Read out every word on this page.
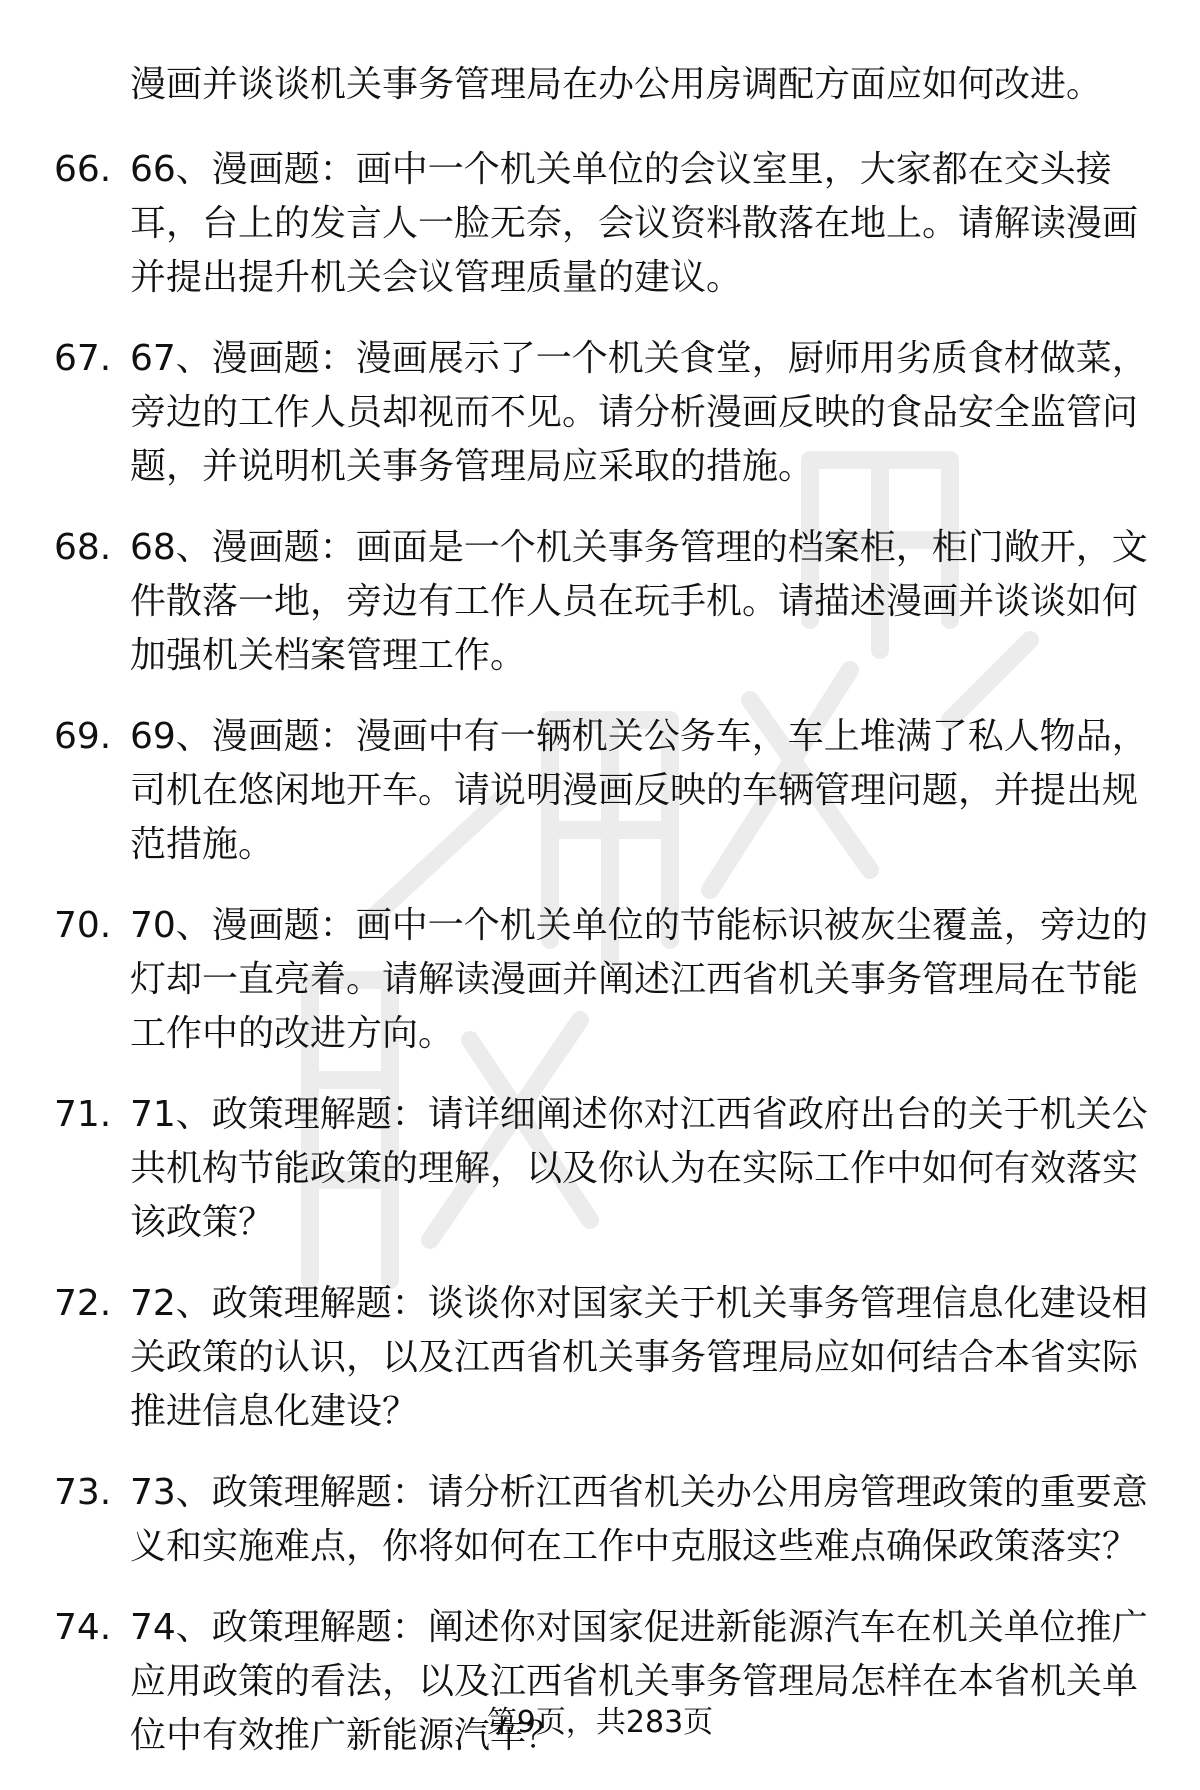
漫画并谈谈机关事务管理局在办公用房调配方面应如何改进。

66. 66、漫画题：画中一个机关单位的会议室里，大家都在交头接耳，台上的发言人一脸无奈，会议资料散落在地上。请解读漫画并提出提升机关会议管理质量的建议。
67. 67、漫画题：漫画展示了一个机关食堂，厨师用劣质食材做菜，旁边的工作人员却视而不见。请分析漫画反映的食品安全监管问题，并说明机关事务管理局应采取的措施。
68. 68、漫画题：画面是一个机关事务管理的档案柜，柜门敞开，文件散落一地，旁边有工作人员在玩手机。请描述漫画并谈谈如何加强机关档案管理工作。
69. 69、漫画题：漫画中有一辆机关公务车，车上堆满了私人物品，司机在悠闲地开车。请说明漫画反映的车辆管理问题，并提出规范措施。
70. 70、漫画题：画中一个机关单位的节能标识被灰尘覆盖，旁边的灯却一直亮着。请解读漫画并阐述江西省机关事务管理局在节能工作中的改进方向。
71. 71、政策理解题：请详细阐述你对江西省政府出台的关于机关公共机构节能政策的理解，以及你认为在实际工作中如何有效落实该政策？
72. 72、政策理解题：谈谈你对国家关于机关事务管理信息化建设相关政策的认识，以及江西省机关事务管理局应如何结合本省实际推进信息化建设？
73. 73、政策理解题：请分析江西省机关办公用房管理政策的重要意义和实施难点，你将如何在工作中克服这些难点确保政策落实？
74. 74、政策理解题：阐述你对国家促进新能源汽车在机关单位推广应用政策的看法，以及江西省机关事务管理局怎样在本省机关单位中有效推广新能源汽车？
第9页，共283页
